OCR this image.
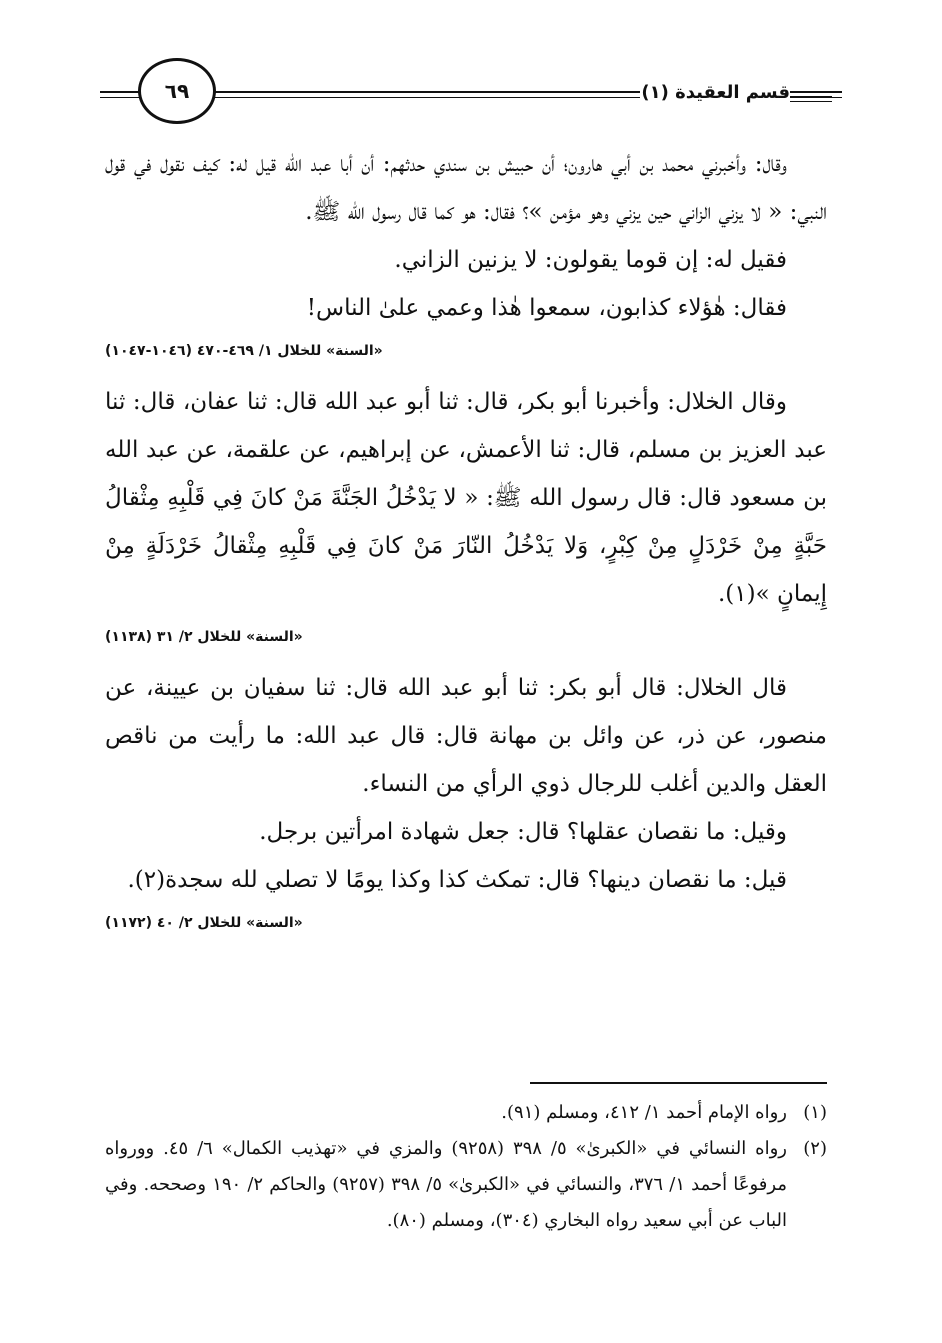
٦٩	قسم العقيدة (١)

وقال: وأخبرني محمد بن أبي هارون؛ أن حبيش بن سندي حدثهم: أن أبا عبد الله قيل له: كيف نقول في قول النبي: « لا يزني الزاني حين يزني وهو مؤمن »؟ فقال: هو كما قال رسول الله ﷺ.

فقيل له: إن قوما يقولون: لا يزنين الزاني.

فقال: هٰؤلاء كذابون، سمعوا هٰذا وعمي علىٰ الناس!

«السنة» للخلال ١/ ٤٦٩-٤٧٠ (١٠٤٦-١٠٤٧)

وقال الخلال: وأخبرنا أبو بكر، قال: ثنا أبو عبد الله قال: ثنا عفان، قال: ثنا عبد العزيز بن مسلم، قال: ثنا الأعمش، عن إبراهيم، عن علقمة، عن عبد الله بن مسعود قال: قال رسول الله ﷺ: « لا يَدْخُلُ الجَنَّةَ مَنْ كانَ فِي قَلْبِهِ مِثْقالُ حَبَّةٍ مِنْ خَرْدَلٍ مِنْ كِبْرٍ، وَلا يَدْخُلُ النّارَ مَنْ كانَ فِي قَلْبِهِ مِثْقالُ خَرْدَلَةٍ مِنْ إِيمانٍ »(١).

«السنة» للخلال ٢/ ٣١ (١١٣٨)

قال الخلال: قال أبو بكر: ثنا أبو عبد الله قال: ثنا سفيان بن عيينة، عن منصور، عن ذر، عن وائل بن مهانة قال: قال عبد الله: ما رأيت من ناقص العقل والدين أغلب للرجال ذوي الرأي من النساء.

وقيل: ما نقصان عقلها؟ قال: جعل شهادة امرأتين برجل.

قيل: ما نقصان دينها؟ قال: تمكث كذا وكذا يومًا لا تصلي لله سجدة(٢).

«السنة» للخلال ٢/ ٤٠ (١١٧٢)

(١)
رواه الإمام أحمد ١/ ٤١٢، ومسلم (٩١).
(٢)
رواه النسائي في «الكبرىٰ» ٥/ ٣٩٨ (٩٢٥٨) والمزي في «تهذيب الكمال» ٦/ ٤٥. وورواه مرفوعًا أحمد ١/ ٣٧٦، والنسائي في «الكبرىٰ» ٥/ ٣٩٨ (٩٢٥٧) والحاكم ٢/ ١٩٠ وصححه. وفي الباب عن أبي سعيد رواه البخاري (٣٠٤)، ومسلم (٨٠).
